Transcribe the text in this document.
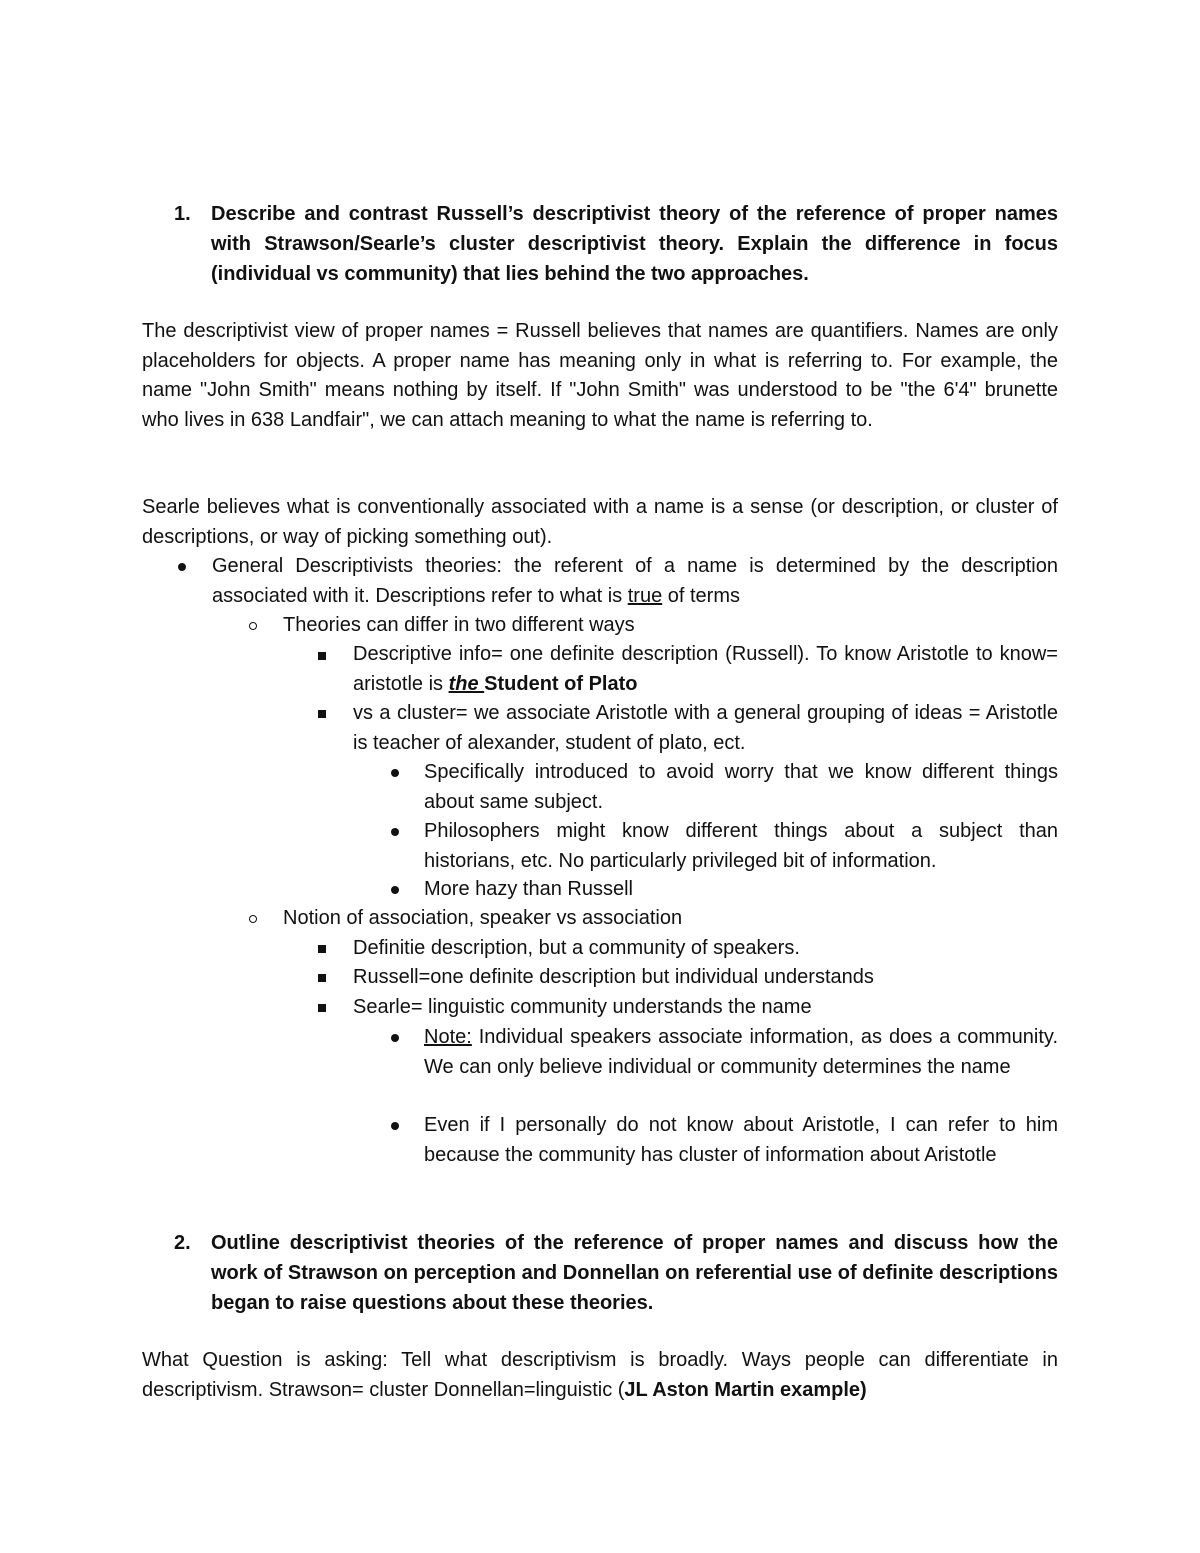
1. Describe and contrast Russell’s descriptivist theory of the reference of proper names with Strawson/Searle’s cluster descriptivist theory. Explain the difference in focus (individual vs community) that lies behind the two approaches.
The descriptivist view of proper names = Russell believes that names are quantifiers. Names are only placeholders for objects. A proper name has meaning only in what is referring to. For example, the name "John Smith" means nothing by itself. If "John Smith" was understood to be "the 6'4" brunette who lives in 638 Landfair", we can attach meaning to what the name is referring to.
Searle believes what is conventionally associated with a name is a sense (or description, or cluster of descriptions, or way of picking something out).
General Descriptivists theories: the referent of a name is determined by the description associated with it. Descriptions refer to what is true of terms
Theories can differ in two different ways
Descriptive info= one definite description (Russell). To know Aristotle to know= aristotle is the Student of Plato
vs a cluster= we associate Aristotle with a general grouping of ideas = Aristotle is teacher of alexander, student of plato, ect.
Specifically introduced to avoid worry that we know different things about same subject.
Philosophers might know different things about a subject than historians, etc. No particularly privileged bit of information.
More hazy than Russell
Notion of association, speaker vs association
Definitie description, but a community of speakers.
Russell=one definite description but individual understands
Searle= linguistic community understands the name
Note: Individual speakers associate information, as does a community. We can only believe individual or community determines the name
Even if I personally do not know about Aristotle, I can refer to him because the community has cluster of information about Aristotle
2. Outline descriptivist theories of the reference of proper names and discuss how the work of Strawson on perception and Donnellan on referential use of definite descriptions began to raise questions about these theories.
What Question is asking: Tell what descriptivism is broadly. Ways people can differentiate in descriptivism. Strawson= cluster Donnellan=linguistic (JL Aston Martin example)
